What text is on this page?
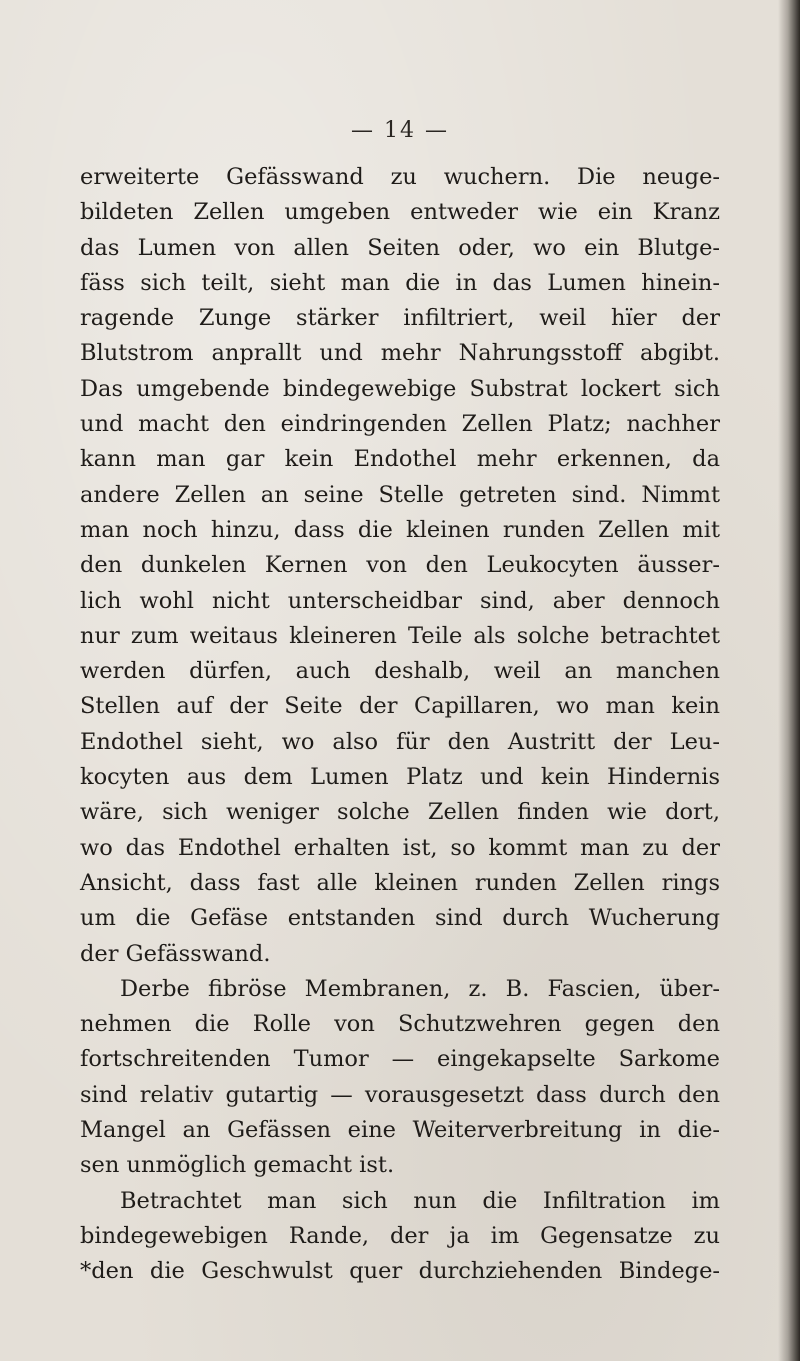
— 14 —
erweiterte Gefässwand zu wuchern. Die neuge-
bildeten Zellen umgeben entweder wie ein Kranz
das Lumen von allen Seiten oder, wo ein Blutge-
fäss sich teilt, sieht man die in das Lumen hinein-
ragende Zunge stärker infiltriert, weil hïer der
Blutstrom anprallt und mehr Nahrungsstoff abgibt.
Das umgebende bindegewebige Substrat lockert sich
und macht den eindringenden Zellen Platz; nachher
kann man gar kein Endothel mehr erkennen, da
andere Zellen an seine Stelle getreten sind. Nimmt
man noch hinzu, dass die kleinen runden Zellen mit
den dunkelen Kernen von den Leukocyten äusser-
lich wohl nicht unterscheidbar sind, aber dennoch
nur zum weitaus kleineren Teile als solche betrachtet
werden dürfen, auch deshalb, weil an manchen
Stellen auf der Seite der Capillaren, wo man kein
Endothel sieht, wo also für den Austritt der Leu-
kocyten aus dem Lumen Platz und kein Hindernis
wäre, sich weniger solche Zellen finden wie dort,
wo das Endothel erhalten ist, so kommt man zu der
Ansicht, dass fast alle kleinen runden Zellen rings
um die Gefäse entstanden sind durch Wucherung
der Gefässwand.
Derbe fibröse Membranen, z. B. Fascien, über-
nehmen die Rolle von Schutzwehren gegen den
fortschreitenden Tumor — eingekapselte Sarkome
sind relativ gutartig — vorausgesetzt dass durch den
Mangel an Gefässen eine Weiterverbreitung in die-
sen unmöglich gemacht ist.
Betrachtet man sich nun die Infiltration im
bindegewebigen Rande, der ja im Gegensatze zu
*den die Geschwulst quer durchziehenden Bindege-
